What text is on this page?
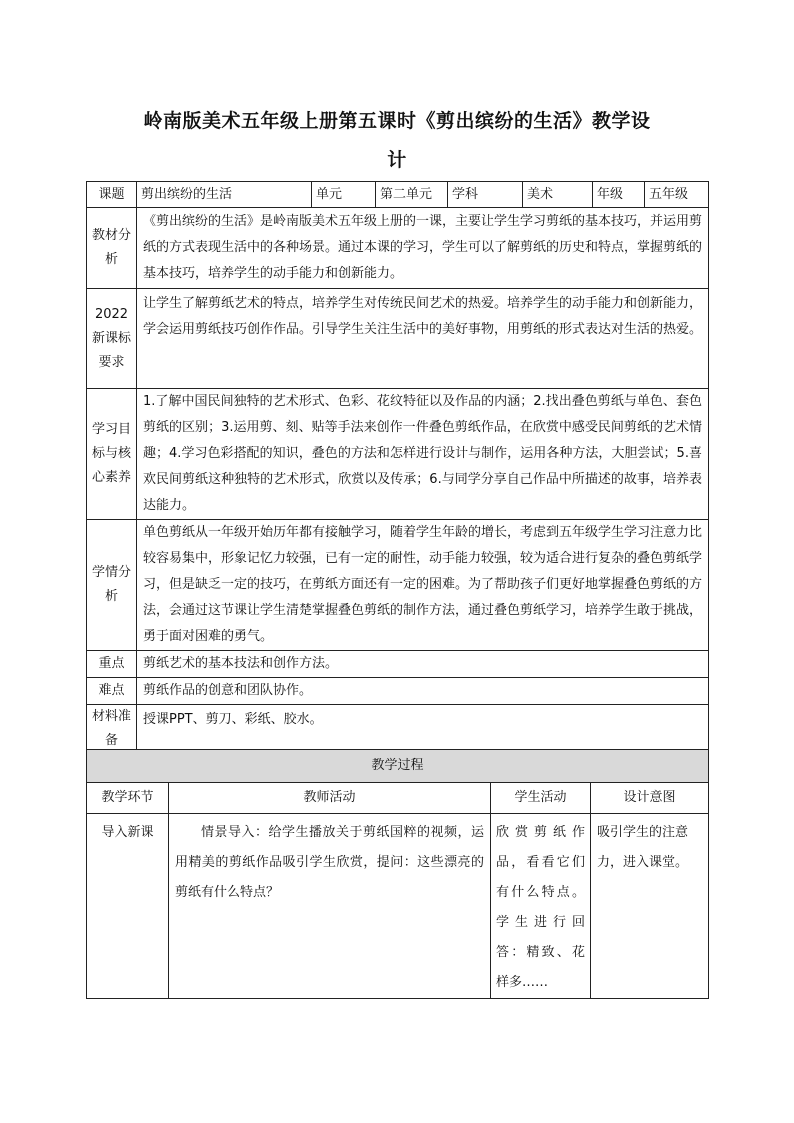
岭南版美术五年级上册第五课时《剪出缤纷的生活》教学设
计
课题	剪出缤纷的生活	单元	第二单元	学科	美术	年级	五年级
教材分析	《剪出缤纷的生活》是岭南版美术五年级上册的一课，主要让学生学习剪纸的基本技巧，并运用剪纸的方式表现生活中的各种场景。通过本课的学习，学生可以了解剪纸的历史和特点，掌握剪纸的基本技巧，培养学生的动手能力和创新能力。						
2022新课标要求	让学生了解剪纸艺术的特点，培养学生对传统民间艺术的热爱。培养学生的动手能力和创新能力，学会运用剪纸技巧创作作品。引导学生关注生活中的美好事物，用剪纸的形式表达对生活的热爱。						
学习目标与核心素养	1.了解中国民间独特的艺术形式、色彩、花纹特征以及作品的内涵；2.找出叠色剪纸与单色、套色剪纸的区别；3.运用剪、刻、贴等手法来创作一件叠色剪纸作品，在欣赏中感受民间剪纸的艺术情趣；4.学习色彩搭配的知识，叠色的方法和怎样进行设计与制作，运用各种方法，大胆尝试；5.喜欢民间剪纸这种独特的艺术形式，欣赏以及传承；6.与同学分享自己作品中所描述的故事，培养表达能力。						
学情分析	单色剪纸从一年级开始历年都有接触学习，随着学生年龄的增长，考虑到五年级学生学习注意力比较容易集中，形象记忆力较强，已有一定的耐性，动手能力较强，较为适合进行复杂的叠色剪纸学习，但是缺乏一定的技巧，在剪纸方面还有一定的困难。为了帮助孩子们更好地掌握叠色剪纸的方法，会通过这节课让学生清楚掌握叠色剪纸的制作方法，通过叠色剪纸学习，培养学生敢于挑战，勇于面对困难的勇气。						
重点	剪纸艺术的基本技法和创作方法。						
难点	剪纸作品的创意和团队协作。						
材料准备	授课PPT、剪刀、彩纸、胶水。						
教学过程			
教学环节	教师活动	学生活动	设计意图
导入新课	情景导入：给学生播放关于剪纸国粹的视频，运用精美的剪纸作品吸引学生欣赏，提问：这些漂亮的剪纸有什么特点？	欣赏剪纸作品，看看它们有什么特点。学生进行回答：精致、花样多……	吸引学生的注意力，进入课堂。
